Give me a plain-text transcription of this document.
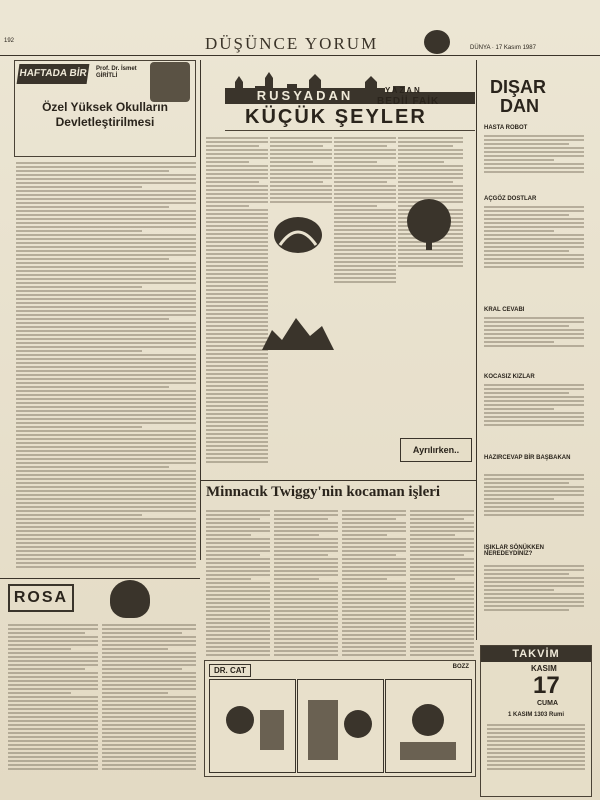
192	DÜŞÜNCE YORUM	DÜNYA · 17 Kasım 1987
HAFTADA BİR	Prof. Dr. İsmet GİRİTLİ
Özel Yüksek Okulların Devletleştirilmesi
RUSYADAN	YAZAN
BEDİİ FAİK
KÜÇÜK ŞEYLER
Ayrılırken..
DIŞAR
DAN
HASTA ROBOT
AÇGÖZ DOSTLAR
KRAL CEVABI
KOCASIZ KIZLAR
HAZIRCEVAP BİR BAŞBAKAN
IŞIKLAR SÖNÜKKEN NEREDEYDİNİZ?
Minnacık Twiggy'nin kocaman işleri
ROSA
DR. CAT	BOZZ
TAKVİM
KASIM
17
CUMA
1 KASIM 1303 Rumi
